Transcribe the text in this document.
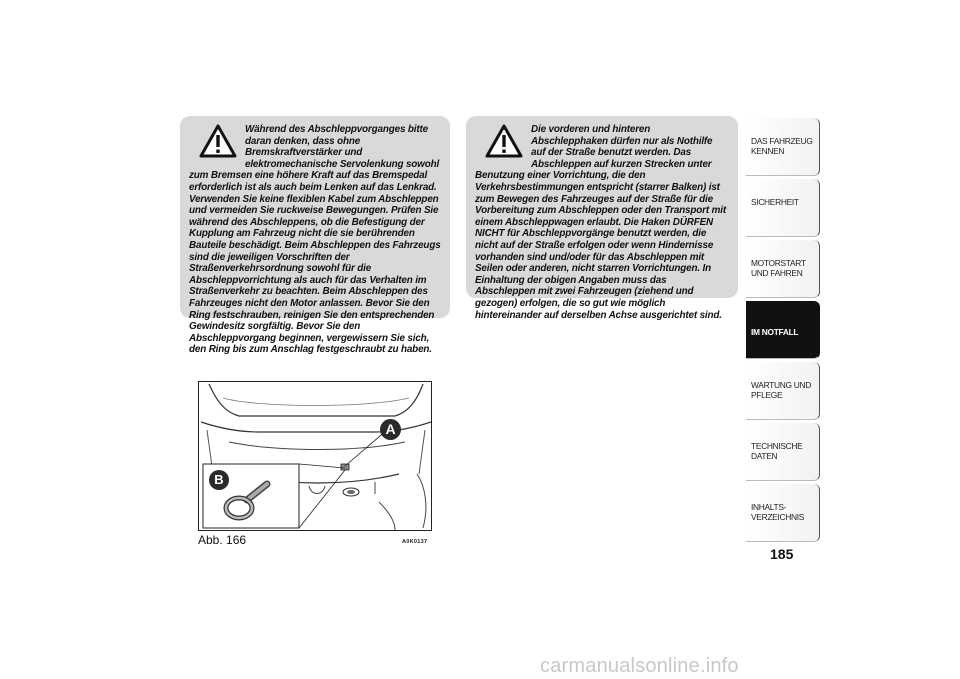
Während des Abschleppvorganges bitte daran denken, dass ohne Bremskraftverstärker und elektromechanische Servolenkung sowohl zum Bremsen eine höhere Kraft auf das Bremspedal erforderlich ist als auch beim Lenken auf das Lenkrad. Verwenden Sie keine flexiblen Kabel zum Abschleppen und vermeiden Sie ruckweise Bewegungen. Prüfen Sie während des Abschleppens, ob die Befestigung der Kupplung am Fahrzeug nicht die sie berührenden Bauteile beschädigt. Beim Abschleppen des Fahrzeugs sind die jeweiligen Vorschriften der Straßenverkehrsordnung sowohl für die Abschleppvorrichtung als auch für das Verhalten im Straßenverkehr zu beachten. Beim Abschleppen des Fahrzeuges nicht den Motor anlassen. Bevor Sie den Ring festschrauben, reinigen Sie den entsprechenden Gewindesitz sorgfältig. Bevor Sie den Abschleppvorgang beginnen, vergewissern Sie sich, den Ring bis zum Anschlag festgeschraubt zu haben.

Die vorderen und hinteren Abschlepphaken dürfen nur als Nothilfe auf der Straße benutzt werden. Das Abschleppen auf kurzen Strecken unter Benutzung einer Vorrichtung, die den Verkehrsbestimmungen entspricht (starrer Balken) ist zum Bewegen des Fahrzeuges auf der Straße für die Vorbereitung zum Abschleppen oder den Transport mit einem Abschleppwagen erlaubt. Die Haken DÜRFEN NICHT für Abschleppvorgänge benutzt werden, die nicht auf der Straße erfolgen oder wenn Hindernisse vorhanden sind und/oder für das Abschleppen mit Seilen oder anderen, nicht starren Vorrichtungen. In Einhaltung der obigen Angaben muss das Abschleppen mit zwei Fahrzeugen (ziehend und gezogen) erfolgen, die so gut wie möglich hintereinander auf derselben Achse ausgerichtet sind.

A
B
Abb. 166	A0K0137
DAS FAHRZEUG KENNEN
SICHERHEIT
MOTORSTART UND FAHREN
IM NOTFALL
WARTUNG UND PFLEGE
TECHNISCHE DATEN
INHALTS-VERZEICHNIS
185
carmanualsonline.info
